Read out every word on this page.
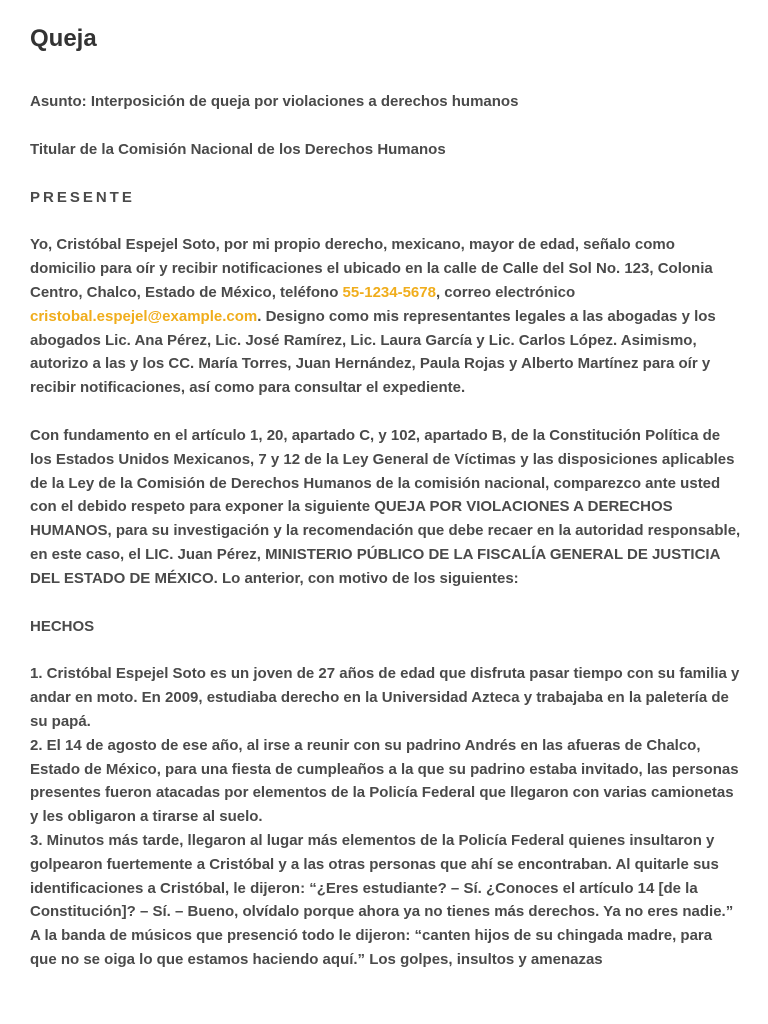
Queja

Asunto: Interposición de queja por violaciones a derechos humanos

Titular de la Comisión Nacional de los Derechos Humanos

PRESENTE

Yo, Cristóbal Espejel Soto, por mi propio derecho, mexicano, mayor de edad, señalo como domicilio para oír y recibir notificaciones el ubicado en la calle de Calle del Sol No. 123, Colonia Centro, Chalco, Estado de México, teléfono 55-1234-5678, correo electrónico cristobal.espejel@example.com. Designo como mis representantes legales a las abogadas y los abogados Lic. Ana Pérez, Lic. José Ramírez, Lic. Laura García y Lic. Carlos López. Asimismo, autorizo a las y los CC. María Torres, Juan Hernández, Paula Rojas y Alberto Martínez para oír y recibir notificaciones, así como para consultar el expediente.

Con fundamento en el artículo 1, 20, apartado C, y 102, apartado B, de la Constitución Política de los Estados Unidos Mexicanos, 7 y 12 de la Ley General de Víctimas y las disposiciones aplicables de la Ley de la Comisión de Derechos Humanos de la comisión nacional, comparezco ante usted con el debido respeto para exponer la siguiente QUEJA POR VIOLACIONES A DERECHOS HUMANOS, para su investigación y la recomendación que debe recaer en la autoridad responsable, en este caso, el LIC. Juan Pérez, MINISTERIO PÚBLICO DE LA FISCALÍA GENERAL DE JUSTICIA DEL ESTADO DE MÉXICO. Lo anterior, con motivo de los siguientes:

HECHOS

1. Cristóbal Espejel Soto es un joven de 27 años de edad que disfruta pasar tiempo con su familia y andar en moto. En 2009, estudiaba derecho en la Universidad Azteca y trabajaba en la paletería de su papá.

2. El 14 de agosto de ese año, al irse a reunir con su padrino Andrés en las afueras de Chalco, Estado de México, para una fiesta de cumpleaños a la que su padrino estaba invitado, las personas presentes fueron atacadas por elementos de la Policía Federal que llegaron con varias camionetas y les obligaron a tirarse al suelo.

3. Minutos más tarde, llegaron al lugar más elementos de la Policía Federal quienes insultaron y golpearon fuertemente a Cristóbal y a las otras personas que ahí se encontraban. Al quitarle sus identificaciones a Cristóbal, le dijeron: “¿Eres estudiante? – Sí. ¿Conoces el artículo 14 [de la Constitución]? – Sí. – Bueno, olvídalo porque ahora ya no tienes más derechos. Ya no eres nadie.” A la banda de músicos que presenció todo le dijeron: “canten hijos de su chingada madre, para que no se oiga lo que estamos haciendo aquí.” Los golpes, insultos y amenazas
